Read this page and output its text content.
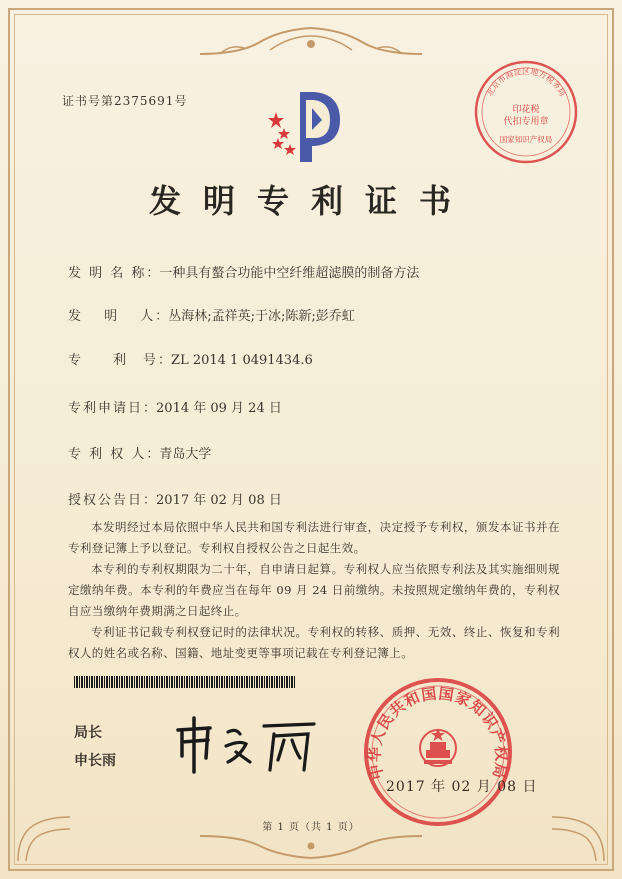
证书号第2375691号
发明专利证书
发 明 名 称：一种具有螯合功能中空纤维超滤膜的制备方法
发　 明　 人：丛海林;孟祥英;于冰;陈新;彭乔虹
专　　利　号：ZL 2014 1 0491434.6
专利申请日：2014 年 09 月 24 日
专 利 权 人：青岛大学
授权公告日：2017 年 02 月 08 日

本发明经过本局依照中华人民共和国专利法进行审查，决定授予专利权，颁发本证书并在专利登记簿上予以登记。专利权自授权公告之日起生效。

本专利的专利权期限为二十年，自申请日起算。专利权人应当依照专利法及其实施细则规定缴纳年费。本专利的年费应当在每年 09 月 24 日前缴纳。未按照规定缴纳年费的，专利权自应当缴纳年费期满之日起终止。

专利证书记载专利权登记时的法律状况。专利权的转移、质押、无效、终止、恢复和专利权人的姓名或名称、国籍、地址变更等事项记载在专利登记簿上。

北京市海淀区地方税务局
印花税
代扣专用章
国家知识产权局
局长
申长雨
中华人民共和国国家知识产权局
2017 年 02 月 08 日
第 1 页（共 1 页）
